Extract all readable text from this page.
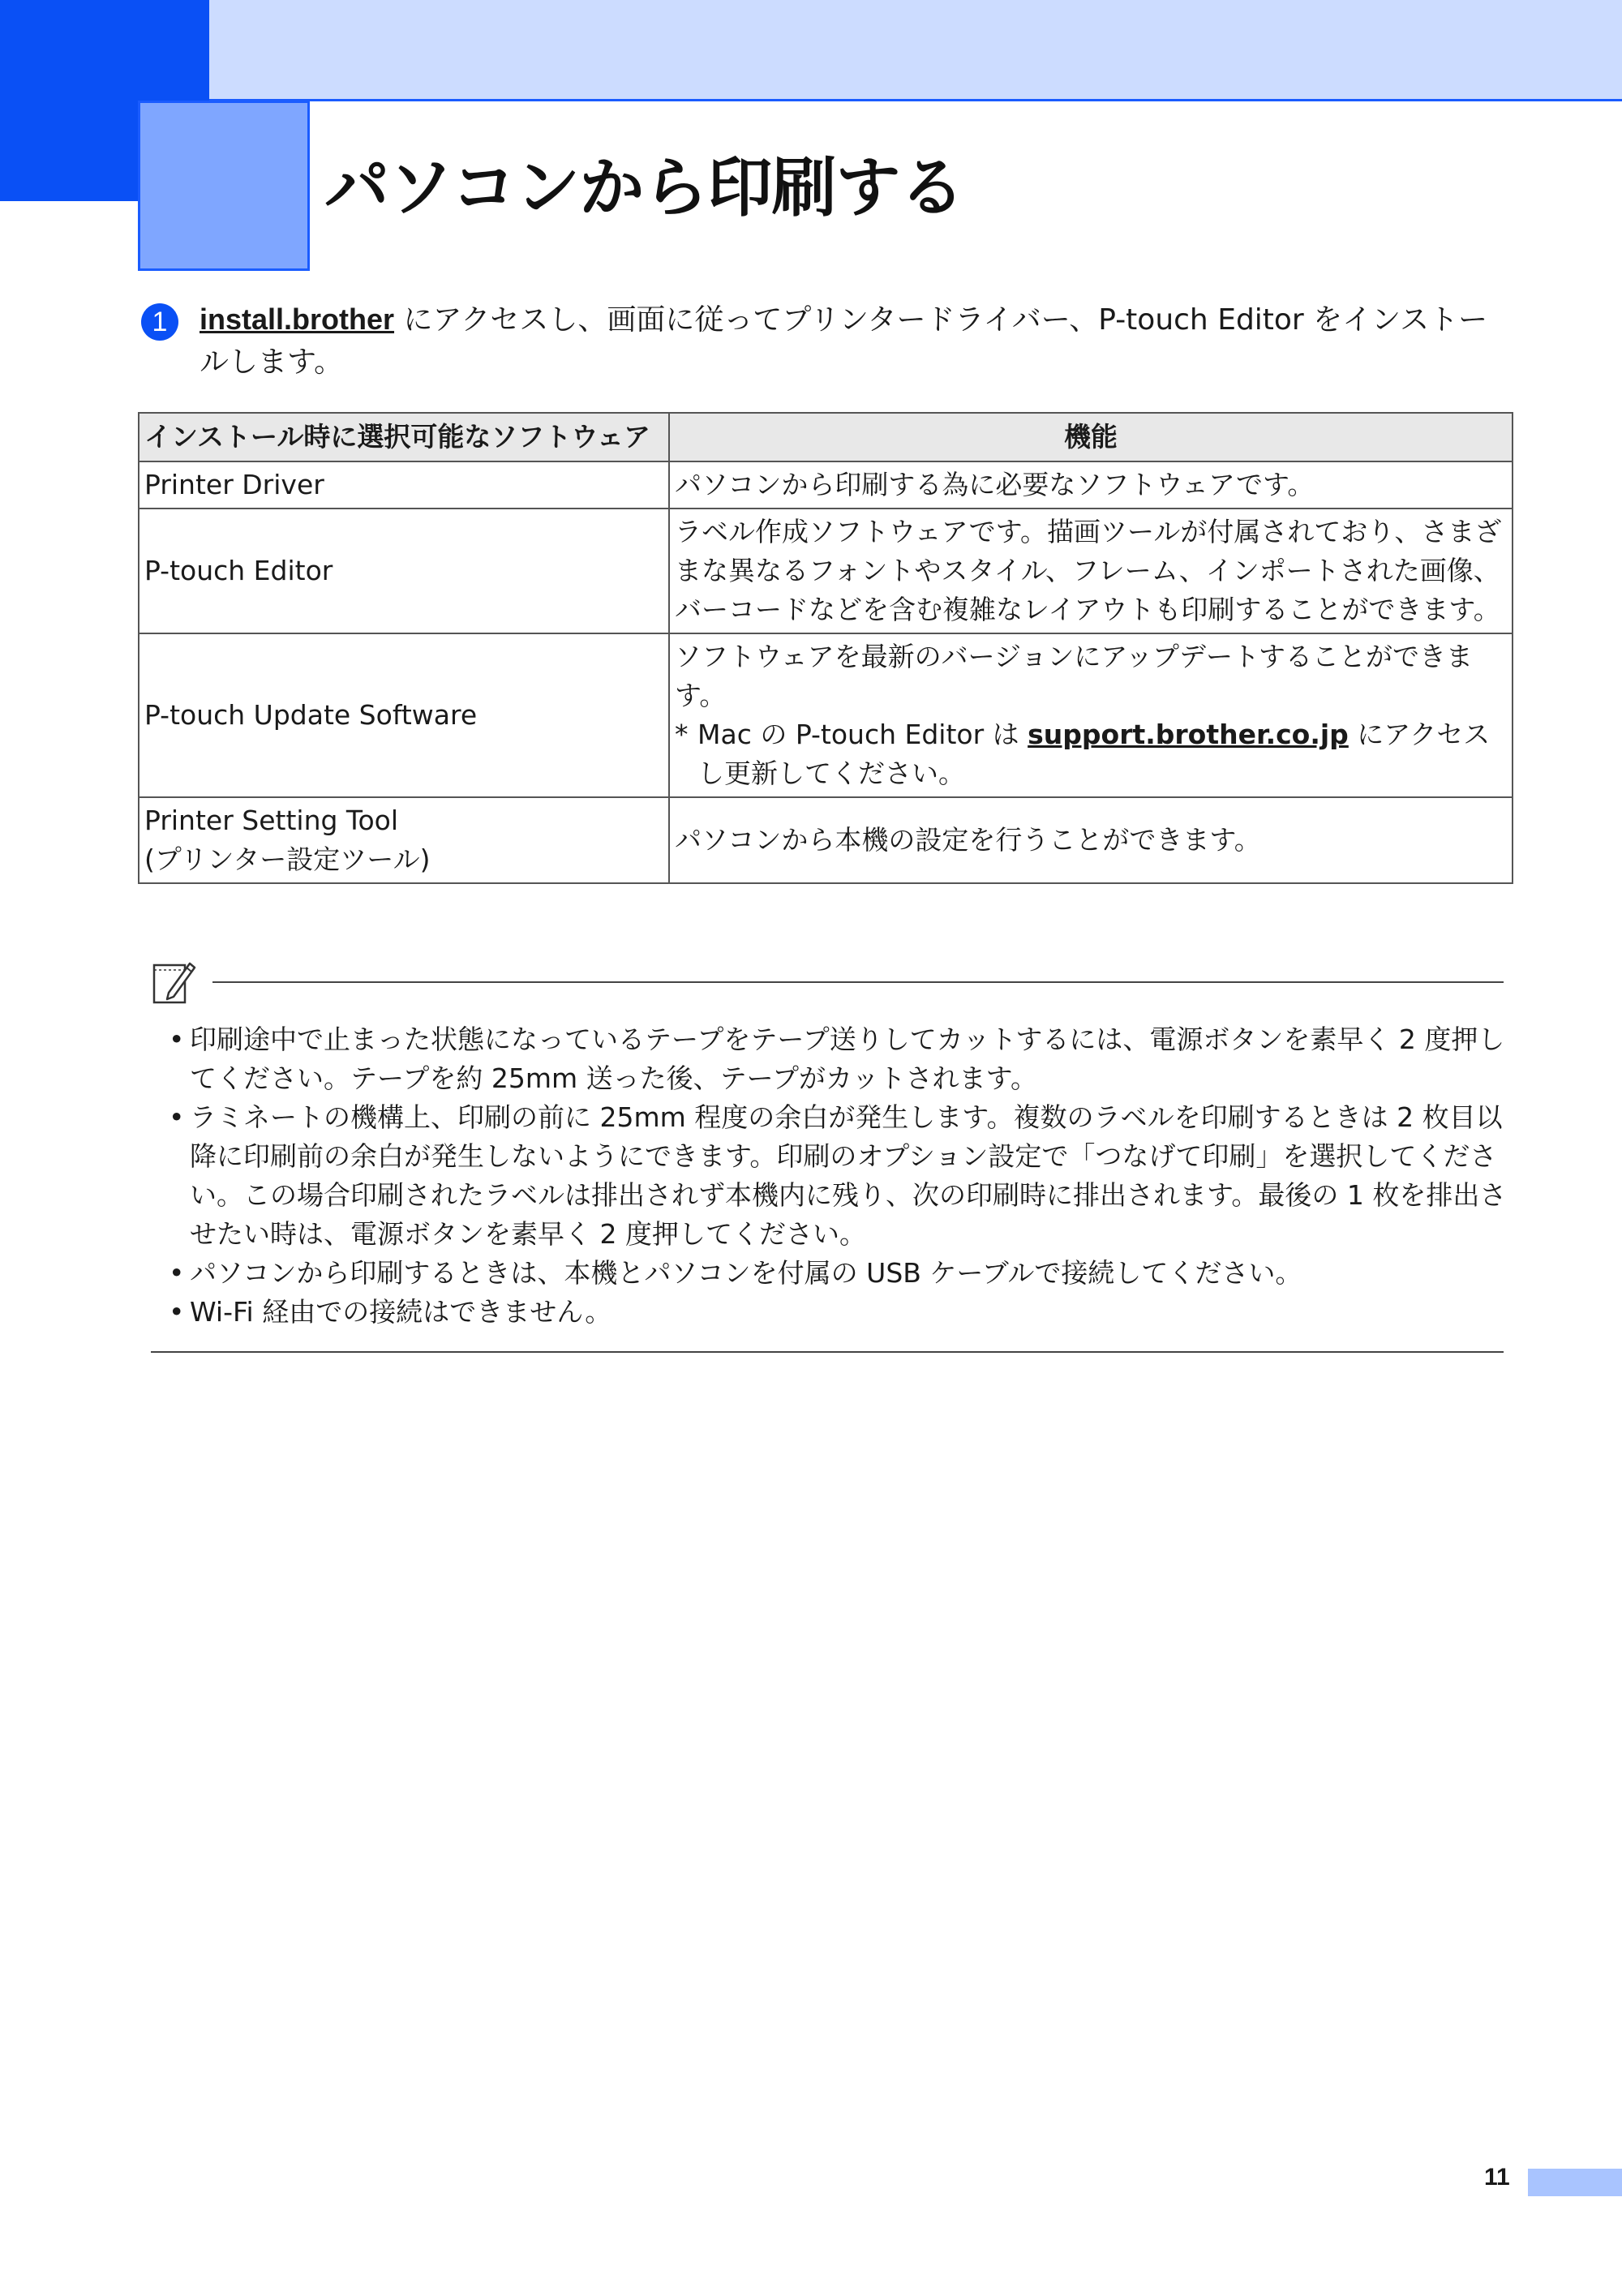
パソコンから印刷する
1	install.brother にアクセスし、画面に従ってプリンタードライバー、P-touch Editor をインストールします。

インストール時に選択可能なソフトウェア	機能
Printer Driver	パソコンから印刷する為に必要なソフトウェアです。
P-touch Editor	ラベル作成ソフトウェアです。描画ツールが付属されており、さまざまな異なるフォントやスタイル、フレーム、インポートされた画像、バーコードなどを含む複雑なレイアウトも印刷することができます。
P-touch Update Software	ソフトウェアを最新のバージョンにアップデートすることができます。
* Mac の P-touch Editor は support.brother.co.jp にアクセスし更新してください。

Printer Setting Tool
(プリンター設定ツール)	パソコンから本機の設定を行うことができます。
• 印刷途中で止まった状態になっているテープをテープ送りしてカットするには、電源ボタンを素早く 2 度押してください。テープを約 25mm 送った後、テープがカットされます。
• ラミネートの機構上、印刷の前に 25mm 程度の余白が発生します。複数のラベルを印刷するときは 2 枚目以降に印刷前の余白が発生しないようにできます。印刷のオプション設定で「つなげて印刷」を選択してください。この場合印刷されたラベルは排出されず本機内に残り、次の印刷時に排出されます。最後の 1 枚を排出させたい時は、電源ボタンを素早く 2 度押してください。
• パソコンから印刷するときは、本機とパソコンを付属の USB ケーブルで接続してください。
• Wi-Fi 経由での接続はできません。
11
